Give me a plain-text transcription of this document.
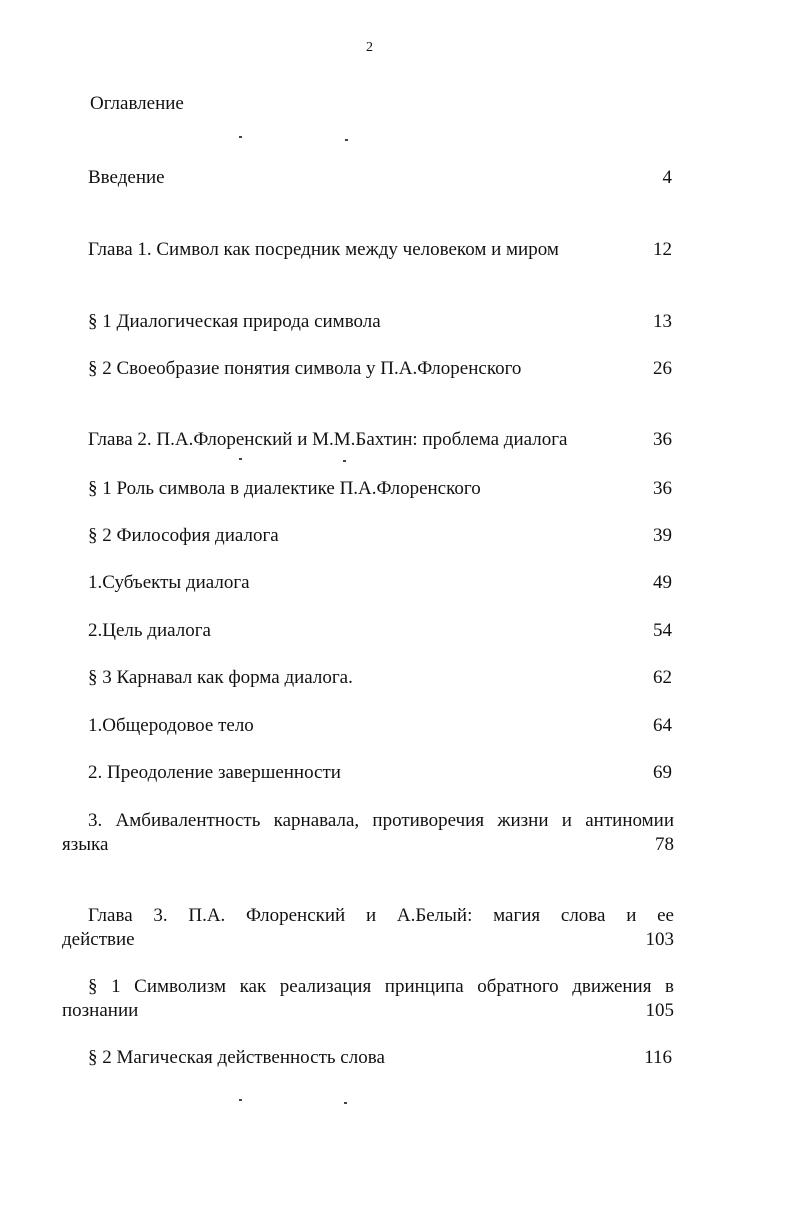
2
Оглавление
Введение	4
Глава 1. Символ как посредник между человеком и миром	12
§ 1 Диалогическая природа символа	13
§ 2 Своеобразие понятия символа у П.А.Флоренского	26
Глава 2. П.А.Флоренский и М.М.Бахтин: проблема диалога	36
§ 1 Роль символа в диалектике П.А.Флоренского	36
§ 2 Философия диалога	39
1.Субъекты диалога	49
2.Цель диалога	54
§ 3 Карнавал как форма диалога.	62
1.Общеродовое тело	64
2. Преодоление завершенности	69
3. Амбивалентность карнавала, противоречия жизни и антиномии
языка	78
Глава 3. П.А. Флоренский и А.Белый: магия слова и ее
действие	103
§ 1 Символизм как реализация принципа обратного движения в
познании	105
§ 2 Магическая действенность слова	116
